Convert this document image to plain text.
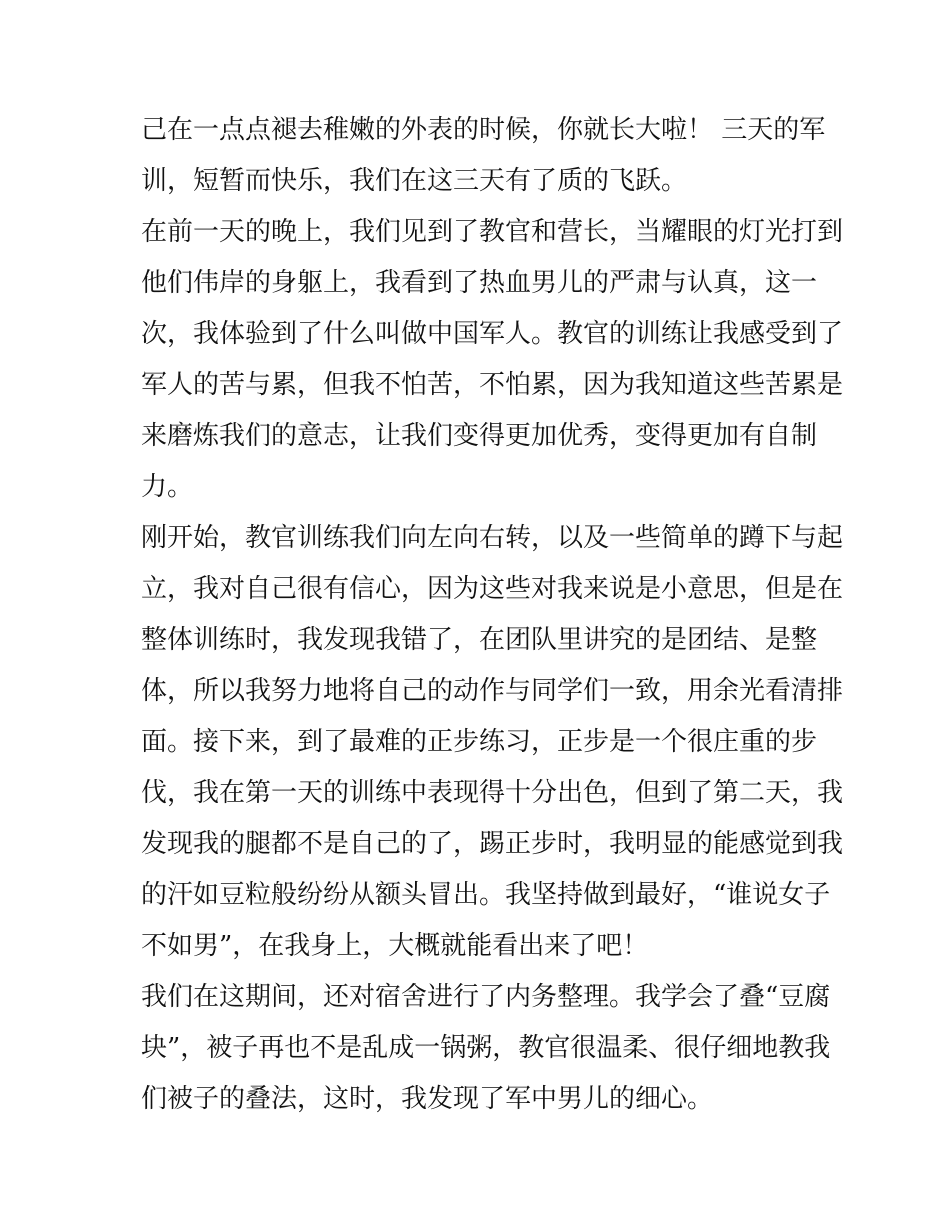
己在一点点褪去稚嫩的外表的时候，你就长大啦！ 三天的军
训，短暂而快乐，我们在这三天有了质的飞跃。

在前一天的晚上，我们见到了教官和营长，当耀眼的灯光打到
他们伟岸的身躯上，我看到了热血男儿的严肃与认真，这一
次，我体验到了什么叫做中国军人。教官的训练让我感受到了
军人的苦与累，但我不怕苦，不怕累，因为我知道这些苦累是
来磨炼我们的意志，让我们变得更加优秀，变得更加有自制
力。

刚开始，教官训练我们向左向右转，以及一些简单的蹲下与起
立，我对自己很有信心，因为这些对我来说是小意思，但是在
整体训练时，我发现我错了，在团队里讲究的是团结、是整
体，所以我努力地将自己的动作与同学们一致，用余光看清排
面。接下来，到了最难的正步练习，正步是一个很庄重的步
伐，我在第一天的训练中表现得十分出色，但到了第二天，我
发现我的腿都不是自己的了，踢正步时，我明显的能感觉到我
的汗如豆粒般纷纷从额头冒出。我坚持做到最好，“谁说女子
不如男”，在我身上，大概就能看出来了吧！

我们在这期间，还对宿舍进行了内务整理。我学会了叠“豆腐
块”，被子再也不是乱成一锅粥，教官很温柔、很仔细地教我
们被子的叠法，这时，我发现了军中男儿的细心。
